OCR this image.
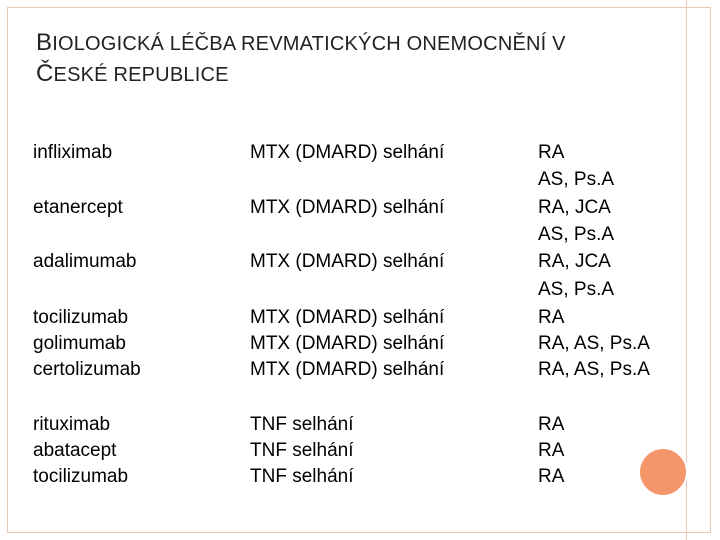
BIOLOGICKÁ LÉČBA REVMATICKÝCH ONEMOCNĚNÍ V
ČESKÉ REPUBLICE
infliximab
etanercept
adalimumab
tocilizumab
golimumab
certolizumab
rituximab
abatacept
tocilizumab
MTX (DMARD) selhání
MTX (DMARD) selhání
MTX (DMARD) selhání
MTX (DMARD) selhání
MTX (DMARD) selhání
MTX (DMARD) selhání
TNF selhání
TNF selhání
TNF selhání
RA
AS, Ps.A
RA, JCA
AS, Ps.A
RA, JCA
AS, Ps.A
RA
RA, AS, Ps.A
RA, AS, Ps.A
RA
RA
RA
